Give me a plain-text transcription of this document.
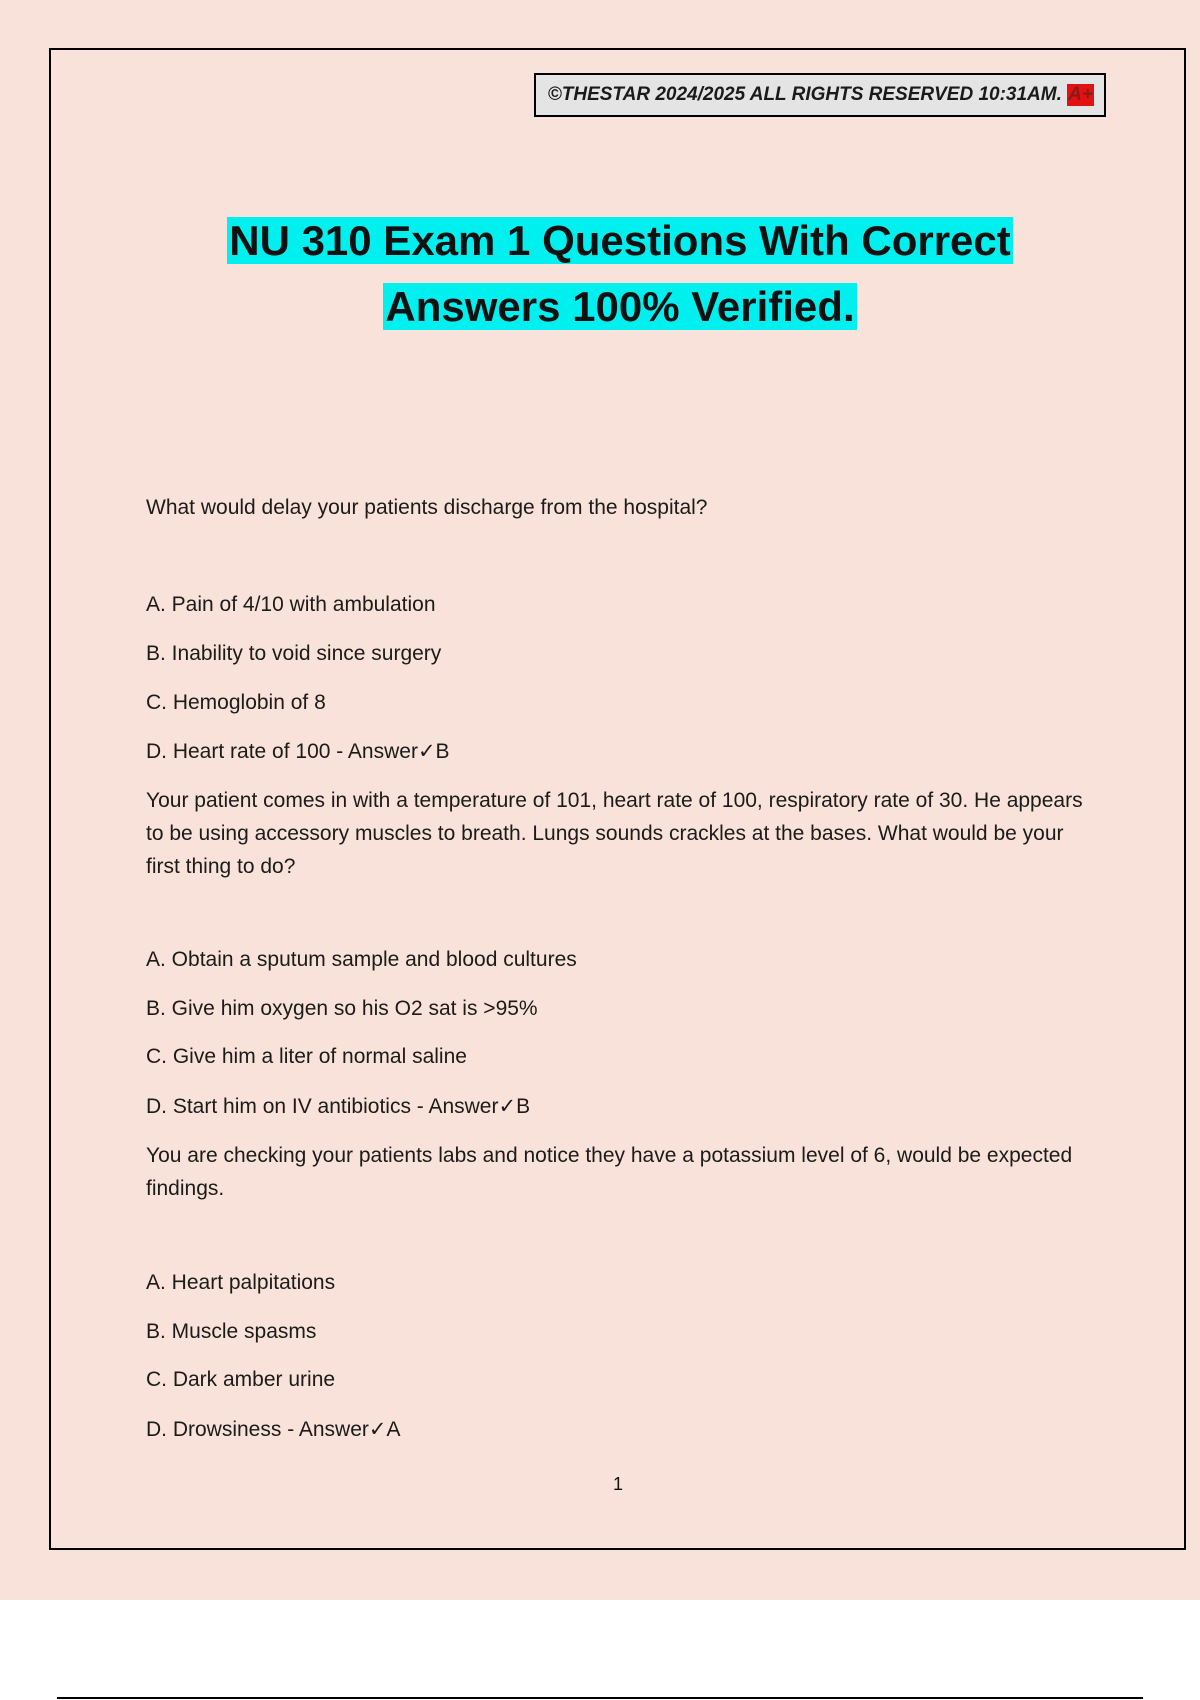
©THESTAR 2024/2025 ALL RIGHTS RESERVED 10:31AM.
A+
NU 310 Exam 1 Questions With Correct
Answers 100% Verified.

What would delay your patients discharge from the hospital?

A. Pain of 4/10 with ambulation

B. Inability to void since surgery

C. Hemoglobin of 8

D. Heart rate of 100 - Answer✓B

Your patient comes in with a temperature of 101, heart rate of 100, respiratory rate of 30. He appears to be using accessory muscles to breath. Lungs sounds crackles at the bases. What would be your first thing to do?

A. Obtain a sputum sample and blood cultures

B. Give him oxygen so his O2 sat is >95%

C. Give him a liter of normal saline

D. Start him on IV antibiotics - Answer✓B

You are checking your patients labs and notice they have a potassium level of 6, would be expected findings.

A. Heart palpitations

B. Muscle spasms

C. Dark amber urine

D. Drowsiness - Answer✓A

1
